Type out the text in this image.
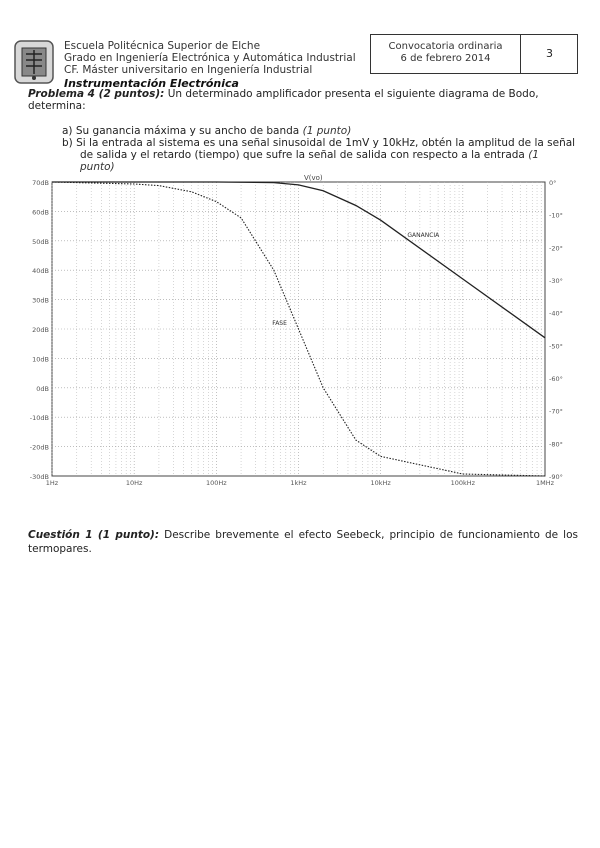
Escuela Politécnica Superior de Elche
Grado en Ingeniería Electrónica y Automática Industrial
CF. Máster universitario en Ingeniería Industrial
Instrumentación Electrónica
Convocatoria ordinaria
6 de febrero 2014	3
Problema 4 (2 puntos): Un determinado amplificador presenta el siguiente diagrama de Bodo, determina:
a) Su ganancia máxima y su ancho de banda (1 punto)
b) Si la entrada al sistema es una señal sinusoidal de 1mV y 10kHz, obtén la amplitud de la señal de salida y el retardo (tiempo) que sufre la señal de salida con respecto a la entrada (1 punto)
70dB
60dB
50dB
40dB
30dB
20dB
10dB
0dB
-10dB
-20dB
-30dB
0°
-10°
-20°
-30°
-40°
-50°
-60°
-70°
-80°
-90°
1Hz	10Hz	100Hz	1kHz	10kHz	100kHz	1MHz
V(vo)
GANANCIA
FASE
Cuestión 1 (1 punto): Describe brevemente el efecto Seebeck, principio de funcionamiento de los termopares.
